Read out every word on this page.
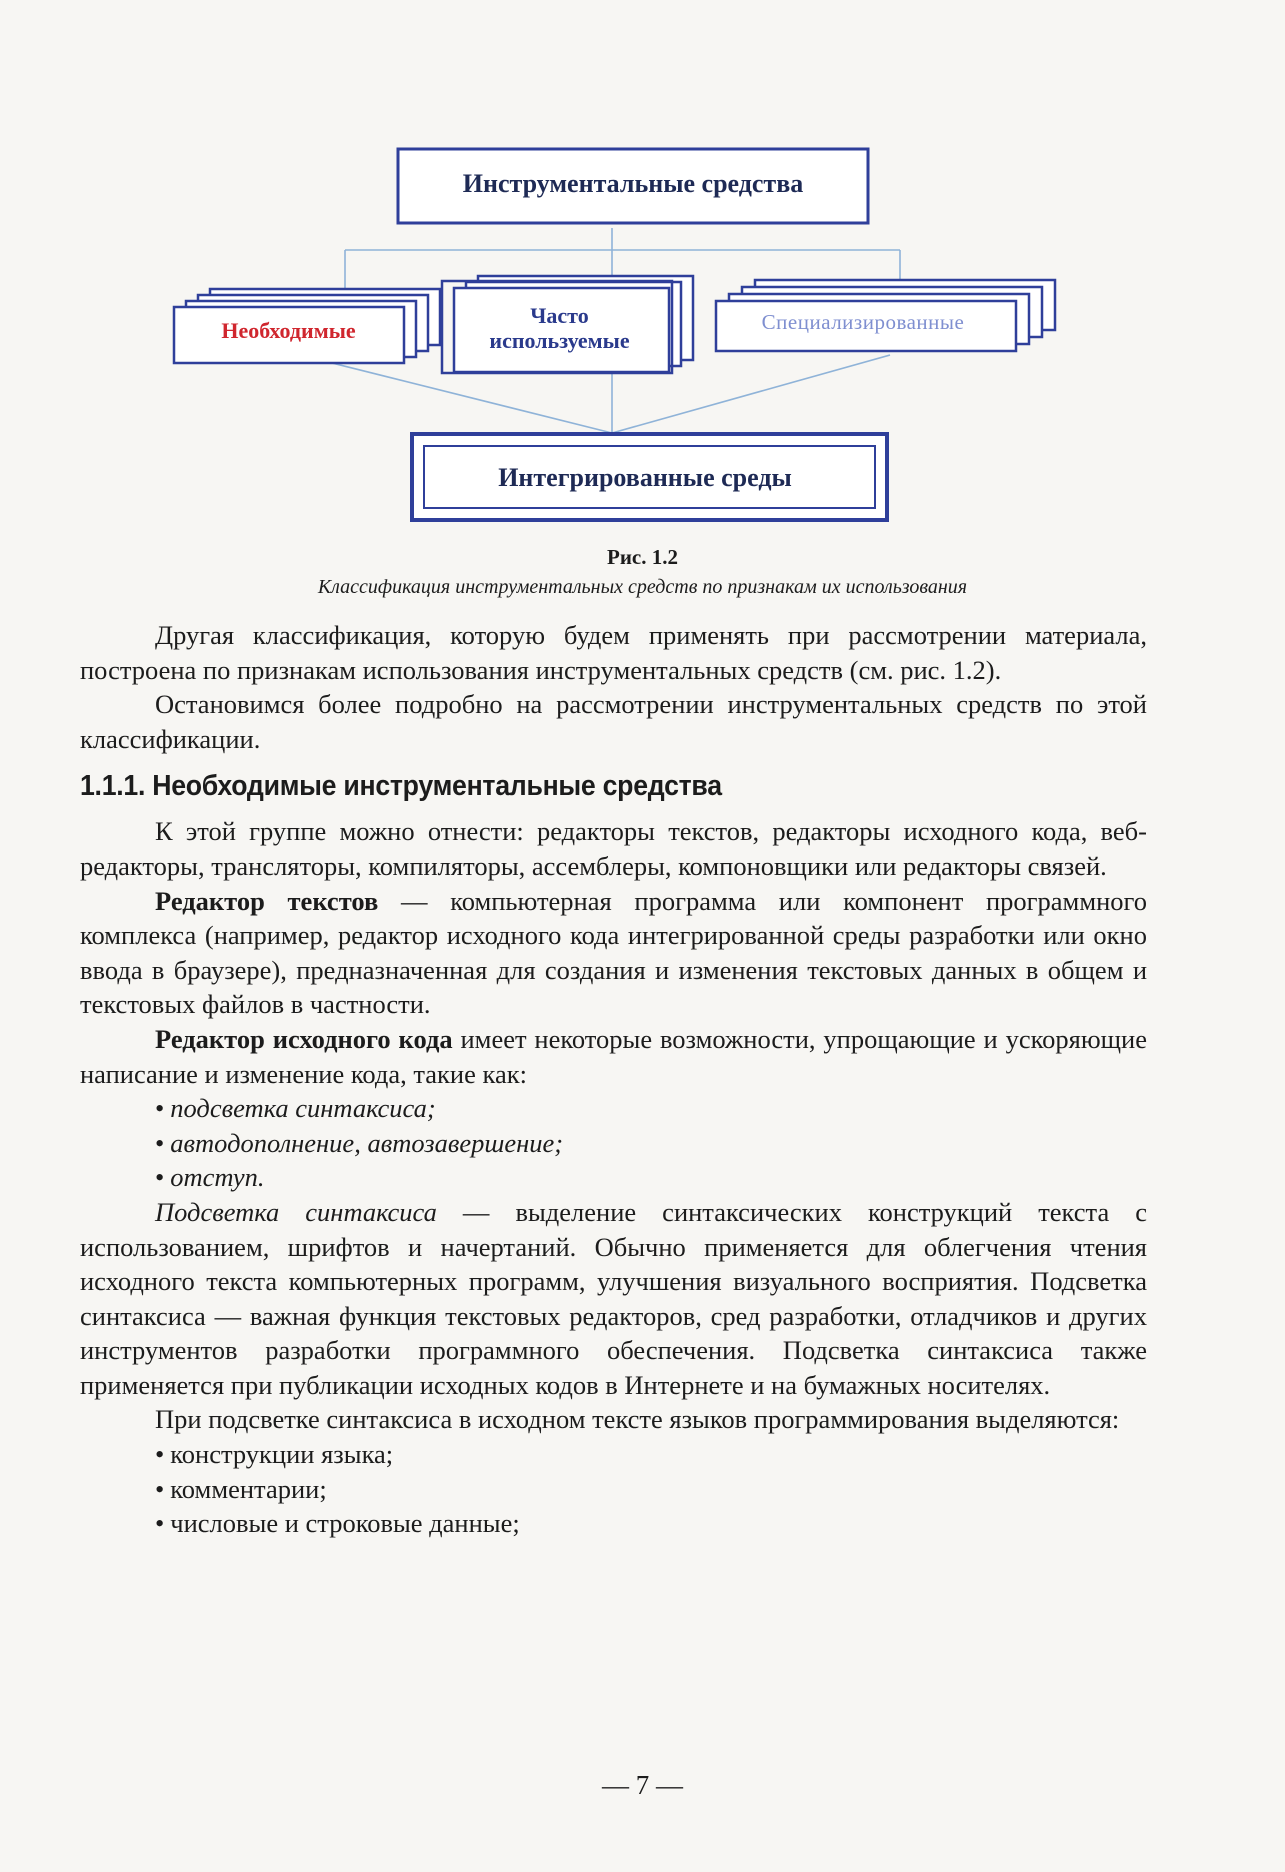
Инструментальные средства
Необходимые
Часто
используемые
Специализированные
Интегрированные среды
Рис. 1.2
Классификация инструментальных средств по признакам их использования

Другая классификация, которую будем применять при рассмотрении материала, построена по признакам использования инструментальных средств (см. рис. 1.2).

Остановимся более подробно на рассмотрении инструментальных средств по этой классификации.

1.1.1. Необходимые инструментальные средства

К этой группе можно отнести: редакторы текстов, редакторы исходного кода, веб-редакторы, трансляторы, компиляторы, ассемблеры, компоновщики или редакторы связей.

Редактор текстов — компьютерная программа или компонент программного комплекса (например, редактор исходного кода интегрированной среды разработки или окно ввода в браузере), предназначенная для создания и изменения текстовых данных в общем и текстовых файлов в частности.

Редактор исходного кода имеет некоторые возможности, упрощающие и ускоряющие написание и изменение кода, такие как:

• подсветка синтаксиса;
• автодополнение, автозавершение;
• отступ.

Подсветка синтаксиса — выделение синтаксических конструкций текста с использованием, шрифтов и начертаний. Обычно применяется для облегчения чтения исходного текста компьютерных программ, улучшения визуального восприятия. Подсветка синтаксиса — важная функция текстовых редакторов, сред разработки, отладчиков и других инструментов разработки программного обеспечения. Подсветка синтаксиса также применяется при публикации исходных кодов в Интернете и на бумажных носителях.

При подсветке синтаксиса в исходном тексте языков программирования выделяются:

• конструкции языка;
• комментарии;
• числовые и строковые данные;
— 7 —
